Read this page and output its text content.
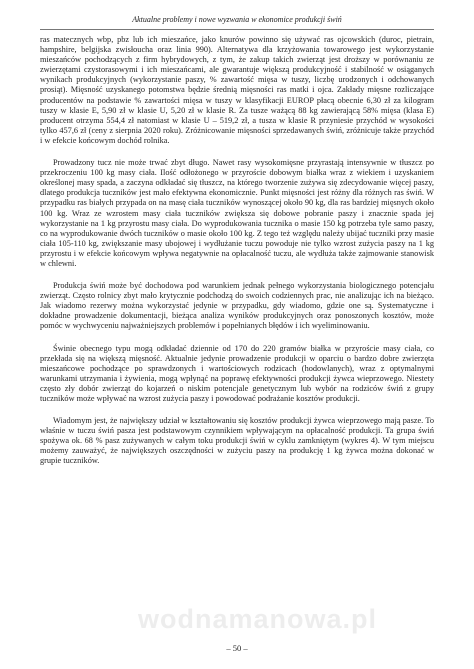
Aktualne problemy i nowe wyzwania w ekonomice produkcji świń

ras matecznych wbp, pbz lub ich mieszańce, jako knurów powinno się używać ras ojcowskich (duroc, pietrain, hampshire, belgijska zwisłoucha oraz linia 990). Alternatywa dla krzyżowania towarowego jest wykorzystanie mieszańców pochodzących z firm hybrydowych, z tym, że zakup takich zwierząt jest droższy w porównaniu ze zwierzętami czystorasowymi i ich mieszańcami, ale gwarantuje większą produkcyjność i stabilność w osiąganych wynikach produkcyjnych (wykorzystanie paszy, % zawartość mięsa w tuszy, liczbę urodzonych i odchowanych prosiąt). Mięsność uzyskanego potomstwa będzie średnią mięsności ras matki i ojca. Zakłady mięsne rozliczające producentów na podstawie % zawartości mięsa w tuszy w klasyfikacji EUROP płacą obecnie 6,30 zł za kilogram tuszy w klasie E, 5,90 zł w klasie U, 5,20 zł w klasie R. Za tusze ważącą 88 kg zawierającą 58% mięsa (klasa E) producent otrzyma 554,4 zł natomiast w klasie U – 519,2 zł, a tusza w klasie R przyniesie przychód w wysokości tylko 457,6 zł (ceny z sierpnia 2020 roku). Zróżnicowanie mięsności sprzedawanych świń, zróżnicuje także przychód i w efekcie końcowym dochód rolnika.

Prowadzony tucz nie może trwać zbyt długo. Nawet rasy wysokomięsne przyrastają intensywnie w tłuszcz po przekroczeniu 100 kg masy ciała. Ilość odłożonego w przyroście dobowym białka wraz z wiekiem i uzyskaniem określonej masy spada, a zaczyna odkładać się tłuszcz, na którego tworzenie zużywa się zdecydowanie więcej paszy, dlatego produkcja tuczników jest mało efektywna ekonomicznie. Punkt mięsności jest różny dla różnych ras świń. W przypadku ras białych przypada on na masę ciała tuczników wynoszącej około 90 kg, dla ras bardziej mięsnych około 100 kg. Wraz ze wzrostem masy ciała tuczników zwiększa się dobowe pobranie paszy i znacznie spada jej wykorzystanie na 1 kg przyrostu masy ciała. Do wyprodukowania tucznika o masie 150 kg potrzeba tyle samo paszy, co na wyprodukowanie dwóch tuczników o masie około 100 kg. Z tego też względu należy ubijać tuczniki przy masie ciała 105-110 kg, zwiększanie masy ubojowej i wydłużanie tuczu powoduje nie tylko wzrost zużycia paszy na 1 kg przyrostu i w efekcie końcowym wpływa negatywnie na opłacalność tuczu, ale wydłuża także zajmowanie stanowisk w chlewni.

Produkcja świń może być dochodowa pod warunkiem jednak pełnego wykorzystania biologicznego potencjału zwierząt. Często rolnicy zbyt mało krytycznie podchodzą do swoich codziennych prac, nie analizując ich na bieżąco. Jak wiadomo rezerwy można wykorzystać jedynie w przypadku, gdy wiadomo, gdzie one są. Systematyczne i dokładne prowadzenie dokumentacji, bieżąca analiza wyników produkcyjnych oraz ponoszonych kosztów, może pomóc w wychwyceniu najważniejszych problemów i popełnianych błędów i ich wyeliminowaniu.

Świnie obecnego typu mogą odkładać dziennie od 170 do 220 gramów białka w przyroście masy ciała, co przekłada się na większą mięsność. Aktualnie jedynie prowadzenie produkcji w oparciu o bardzo dobre zwierzęta mieszańcowe pochodzące po sprawdzonych i wartościowych rodzicach (hodowlanych), wraz z optymalnymi warunkami utrzymania i żywienia, mogą wpłynąć na poprawę efektywności produkcji żywca wieprzowego. Niestety często zły dobór zwierząt do kojarzeń o niskim potencjale genetycznym lub wybór na rodziców świń z grupy tuczników może wpływać na wzrost zużycia paszy i powodować podrażanie kosztów produkcji.

Wiadomym jest, że największy udział w kształtowaniu się kosztów produkcji żywca wieprzowego mają pasze. To właśnie w tuczu świń pasza jest podstawowym czynnikiem wpływającym na opłacalność produkcji. Ta grupa świń spożywa ok. 68 % pasz zużywanych w całym toku produkcji świń w cyklu zamkniętym (wykres 4). W tym miejscu możemy zauważyć, że największych oszczędności w zużyciu paszy na produkcję 1 kg żywca można dokonać w grupie tuczników.

wodnamanowa.pl
– 50 –
